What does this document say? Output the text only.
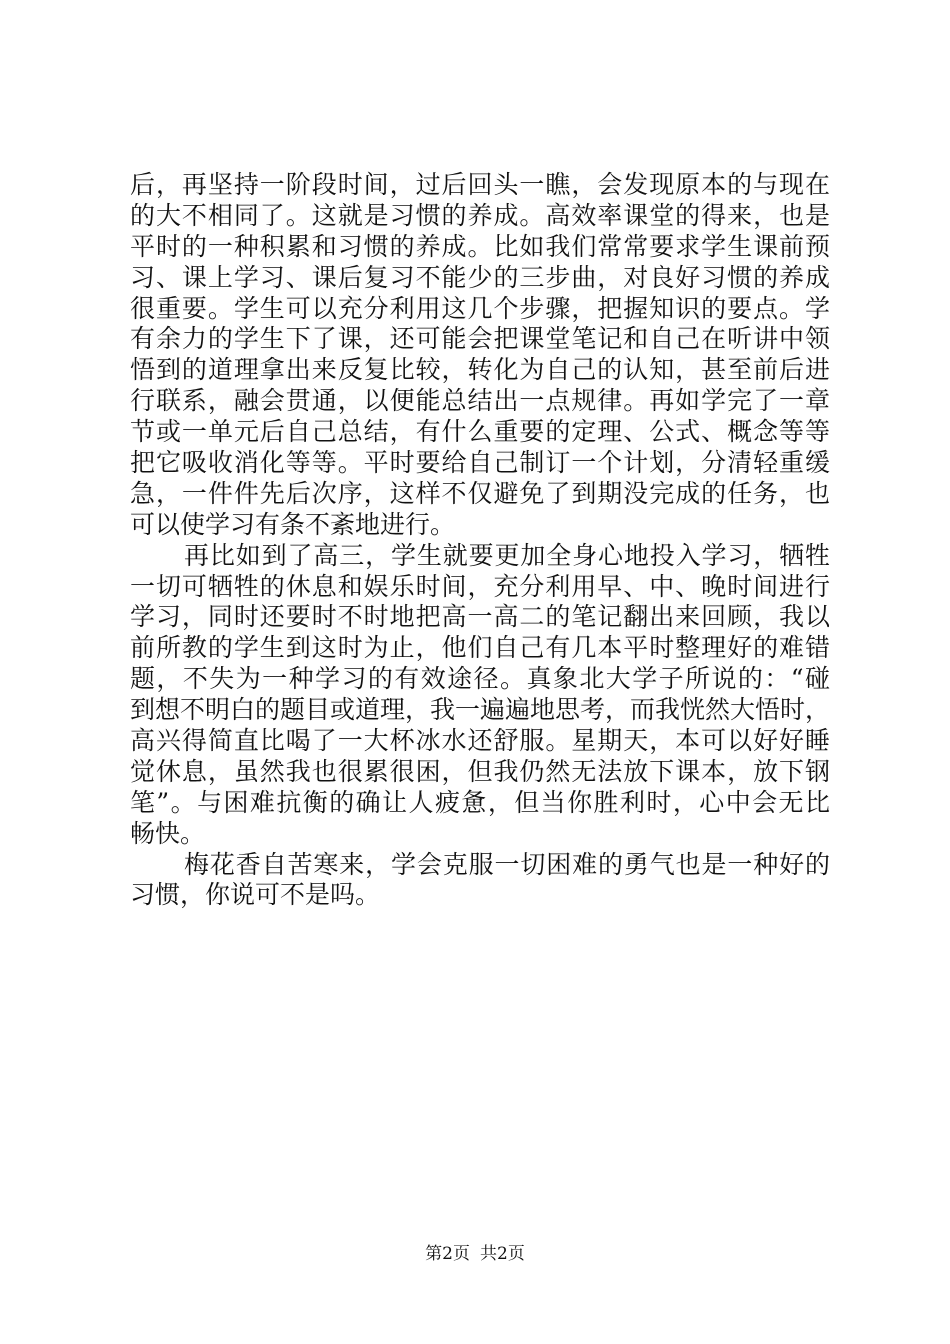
后，再坚持一阶段时间，过后回头一瞧，会发现原本的与现在
的大不相同了。这就是习惯的养成。高效率课堂的得来，也是
平时的一种积累和习惯的养成。比如我们常常要求学生课前预
习、课上学习、课后复习不能少的三步曲，对良好习惯的养成
很重要。学生可以充分利用这几个步骤，把握知识的要点。学
有余力的学生下了课，还可能会把课堂笔记和自己在听讲中领
悟到的道理拿出来反复比较，转化为自己的认知，甚至前后进
行联系，融会贯通，以便能总结出一点规律。再如学完了一章
节或一单元后自己总结，有什么重要的定理、公式、概念等等
把它吸收消化等等。平时要给自己制订一个计划，分清轻重缓
急，一件件先后次序，这样不仅避免了到期没完成的任务，也
可以使学习有条不紊地进行。
再比如到了高三，学生就要更加全身心地投入学习，牺牲
一切可牺牲的休息和娱乐时间，充分利用早、中、晚时间进行
学习，同时还要时不时地把高一高二的笔记翻出来回顾，我以
前所教的学生到这时为止，他们自己有几本平时整理好的难错
题，不失为一种学习的有效途径。真象北大学子所说的：“碰
到想不明白的题目或道理，我一遍遍地思考，而我恍然大悟时，
高兴得简直比喝了一大杯冰水还舒服。星期天，本可以好好睡
觉休息，虽然我也很累很困，但我仍然无法放下课本，放下钢
笔”。与困难抗衡的确让人疲惫，但当你胜利时，心中会无比
畅快。
梅花香自苦寒来，学会克服一切困难的勇气也是一种好的
习惯，你说可不是吗。
第2页 共2页
